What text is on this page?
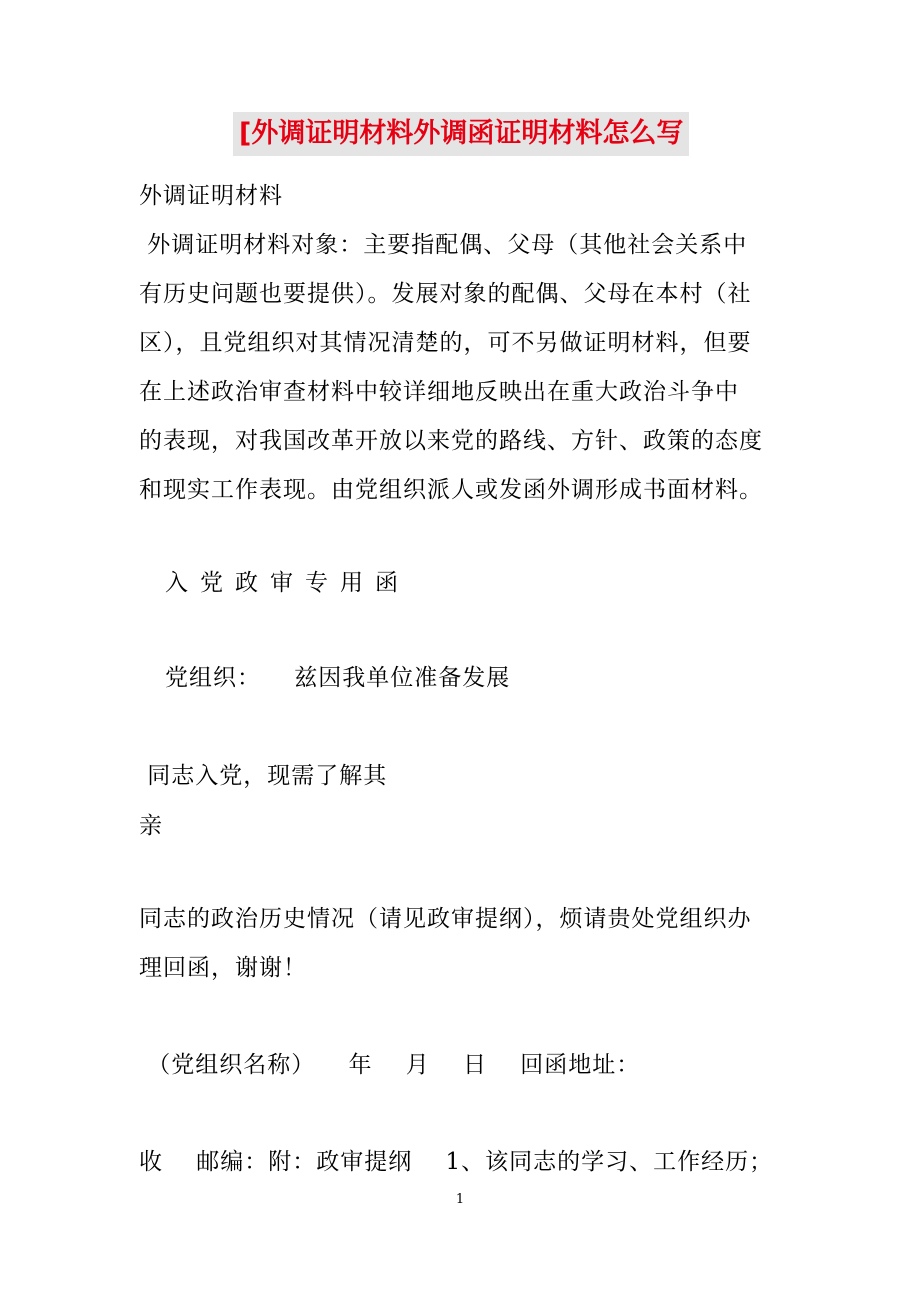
[外调证明材料外调函证明材料怎么写
外调证明材料
外调证明材料对象：主要指配偶、父母（其他社会关系中
有历史问题也要提供）。发展对象的配偶、父母在本村（社
区），且党组织对其情况清楚的，可不另做证明材料，但要
在上述政治审查材料中较详细地反映出在重大政治斗争中
的表现，对我国改革开放以来党的路线、方针、政策的态度
和现实工作表现。由党组织派人或发函外调形成书面材料。
入党政审专用函
党组织：    兹因我单位准备发展
同志入党，现需了解其
亲
同志的政治历史情况（请见政审提纲），烦请贵处党组织办
理回函，谢谢！
（党组织名称）    年    月    日    回函地址：
收    邮编：附：政审提纲    1、该同志的学习、工作经历；
1
